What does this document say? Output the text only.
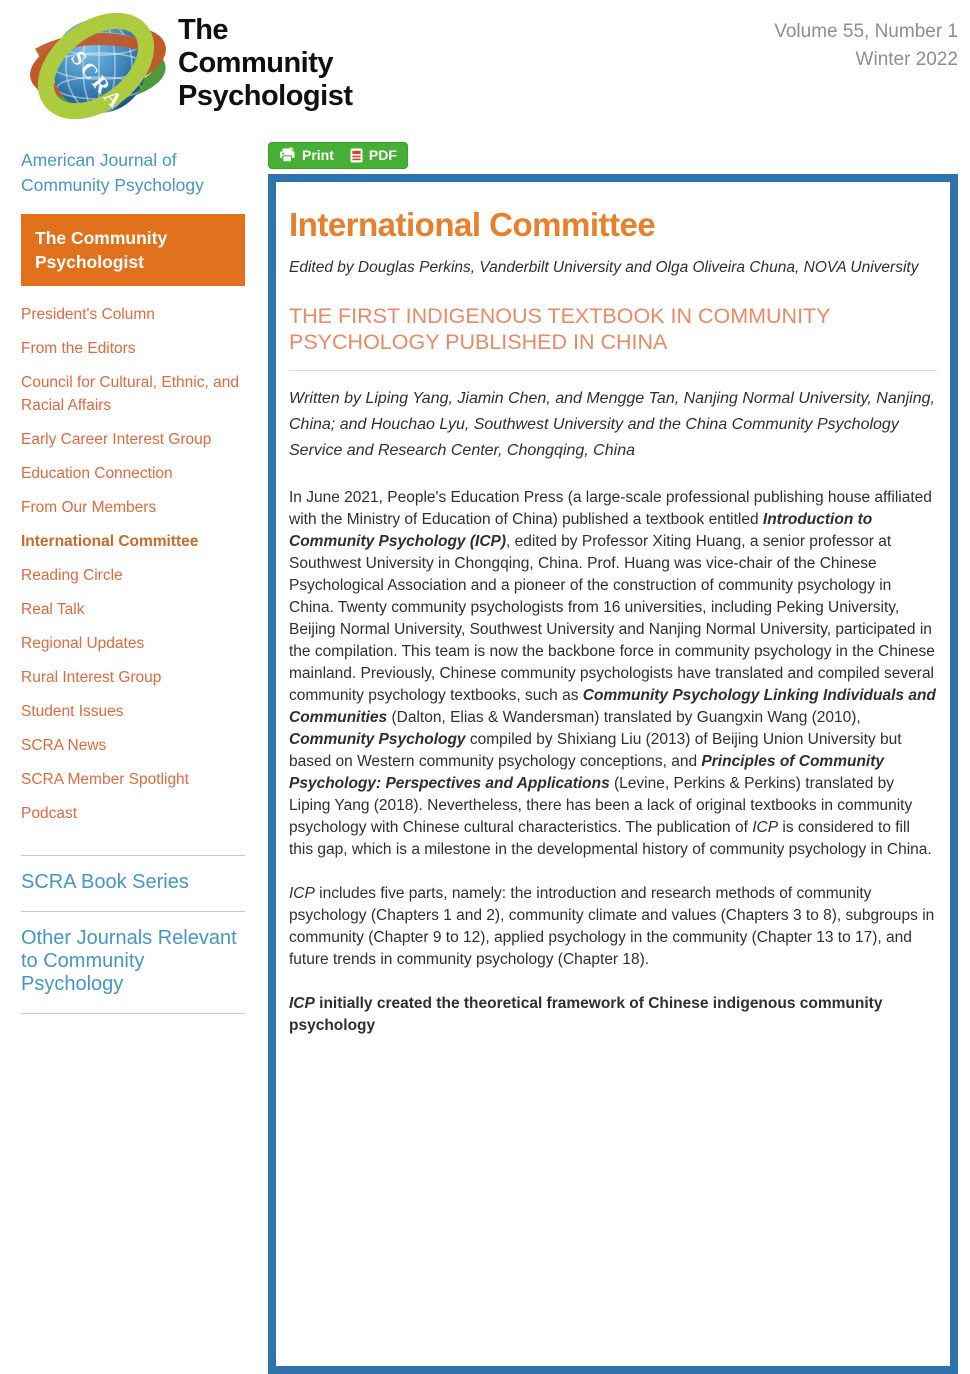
SCRA
The Community Psychologist
Volume 55, Number 1
Winter 2022
American Journal of Community Psychology
The Community Psychologist
President's Column
From the Editors
Council for Cultural, Ethnic, and Racial Affairs
Early Career Interest Group
Education Connection
From Our Members
International Committee
Reading Circle
Real Talk
Regional Updates
Rural Interest Group
Student Issues
SCRA News
SCRA Member Spotlight
Podcast
SCRA Book Series
Other Journals Relevant to Community Psychology
Print	PDF
International Committee
Edited by Douglas Perkins, Vanderbilt University and Olga Oliveira Chuna, NOVA University
THE FIRST INDIGENOUS TEXTBOOK IN COMMUNITY PSYCHOLOGY PUBLISHED IN CHINA
Written by Liping Yang, Jiamin Chen, and Mengge Tan, Nanjing Normal University, Nanjing, China; and Houchao Lyu, Southwest University and the China Community Psychology Service and Research Center, Chongqing, China

In June 2021, People's Education Press (a large-scale professional publishing house affiliated with the Ministry of Education of China) published a textbook entitled Introduction to Community Psychology (ICP), edited by Professor Xiting Huang, a senior professor at Southwest University in Chongqing, China. Prof. Huang was vice-chair of the Chinese Psychological Association and a pioneer of the construction of community psychology in China. Twenty community psychologists from 16 universities, including Peking University, Beijing Normal University, Southwest University and Nanjing Normal University, participated in the compilation. This team is now the backbone force in community psychology in the Chinese mainland. Previously, Chinese community psychologists have translated and compiled several community psychology textbooks, such as Community Psychology Linking Individuals and Communities (Dalton, Elias & Wandersman) translated by Guangxin Wang (2010), Community Psychology compiled by Shixiang Liu (2013) of Beijing Union University but based on Western community psychology conceptions, and Principles of Community Psychology: Perspectives and Applications (Levine, Perkins & Perkins) translated by Liping Yang (2018). Nevertheless, there has been a lack of original textbooks in community psychology with Chinese cultural characteristics. The publication of ICP is considered to fill this gap, which is a milestone in the developmental history of community psychology in China.

ICP includes five parts, namely: the introduction and research methods of community psychology (Chapters 1 and 2), community climate and values (Chapters 3 to 8), subgroups in community (Chapter 9 to 12), applied psychology in the community (Chapter 13 to 17), and future trends in community psychology (Chapter 18).

ICP initially created the theoretical framework of Chinese indigenous community psychology
